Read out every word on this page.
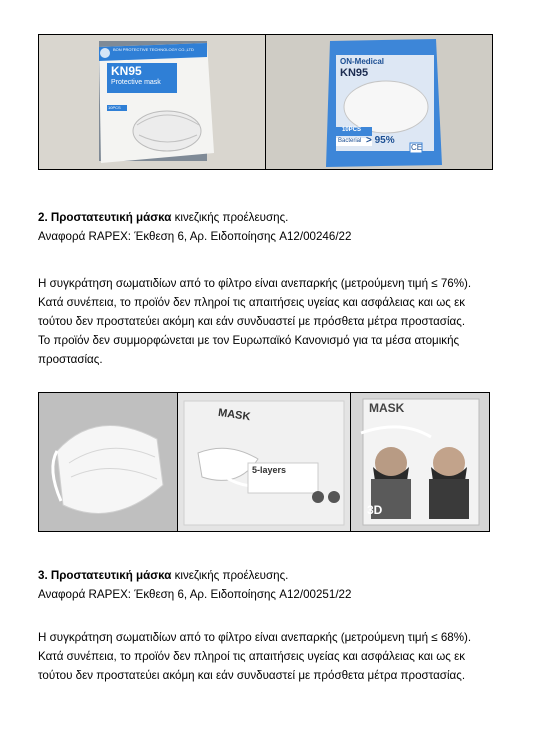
BON PROTECTIVE TECHNOLOGY CO.,LTD
KN95
Protective mask
10PCS

ON-Medical
KN95
10PCS
Bacterial > 95%
CE

2. Προστατευτική μάσκα κινεζικής προέλευσης.

Αναφορά RAPEX: Έκθεση 6, Αρ. Ειδοποίησης A12/00246/22

Η συγκράτηση σωματιδίων από το φίλτρο είναι ανεπαρκής (μετρούμενη τιμή ≤ 76%).

Κατά συνέπεια, το προϊόν δεν πληροί τις απαιτήσεις υγείας και ασφάλειας και ως εκ

τούτου δεν προστατεύει ακόμη και εάν συνδυαστεί με πρόσθετα μέτρα προστασίας.

Το προϊόν δεν συμμορφώνεται με τον Ευρωπαϊκό Κανονισμό για τα μέσα ατομικής

προστασίας.

MASK
5-layers

MASK
3D

3. Προστατευτική μάσκα κινεζικής προέλευσης.

Αναφορά RAPEX: Έκθεση 6, Αρ. Ειδοποίησης A12/00251/22

Η συγκράτηση σωματιδίων από το φίλτρο είναι ανεπαρκής (μετρούμενη τιμή ≤ 68%).

Κατά συνέπεια, το προϊόν δεν πληροί τις απαιτήσεις υγείας και ασφάλειας και ως εκ

τούτου δεν προστατεύει ακόμη και εάν συνδυαστεί με πρόσθετα μέτρα προστασίας.
